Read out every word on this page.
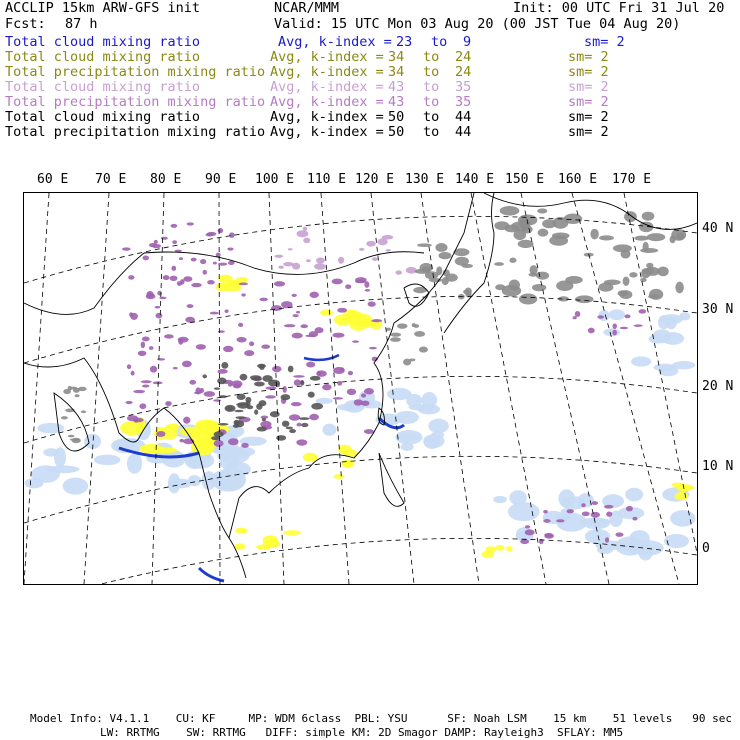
ACCLIP 15km ARW-GFS init	NCAR/MMM	Init: 00 UTC Fri 31 Jul 20
Fcst: 87 h	Valid: 15 UTC Mon 03 Aug 20 (00 JST Tue 04 Aug 20)
Total cloud mixing ratio	Avg, k-index = 23 to 9	sm= 2
Total cloud mixing ratio	Avg, k-index = 34 to 24	sm= 2
Total precipitation mixing ratio Avg, k-index = 34 to 24	sm= 2
Total cloud mixing ratio	Avg, k-index = 43 to 35	sm= 2
Total precipitation mixing ratio Avg, k-index = 43 to 35	sm= 2
Total cloud mixing ratio	Avg, k-index = 50 to 44	sm= 2
Total precipitation mixing ratio Avg, k-index = 50 to 44	sm= 2
60 E 70 E 80 E 90 E 100 E 110 E 120 E 130 E 140 E 150 E 160 E 170 E
40 N
30 N
20 N
10 N
0
Model Info: V4.1.1    CU: KF     MP: WDM 6class  PBL: YSU      SF: Noah LSM    15 km    51 levels   90 sec
LW: RRTMG    SW: RRTMG   DIFF: simple KM: 2D Smagor DAMP: Rayleigh3  SFLAY: MM5
